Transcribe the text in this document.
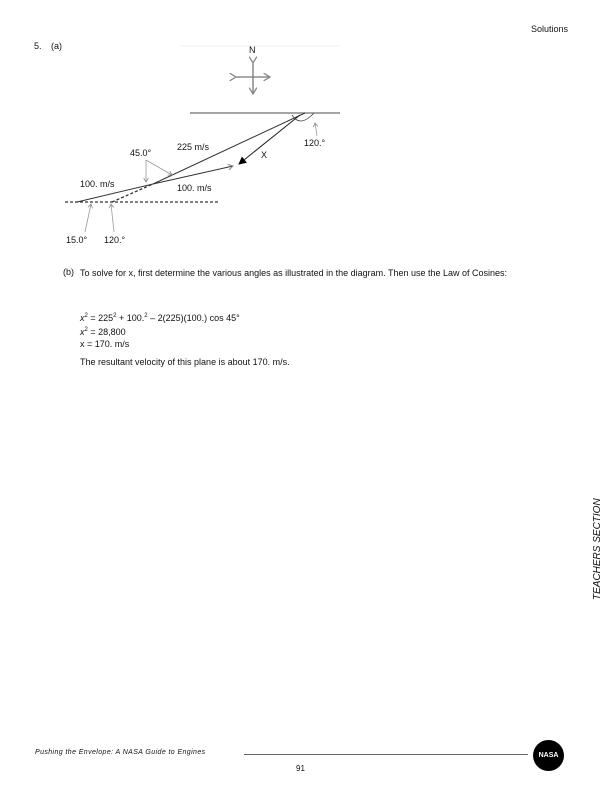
Solutions
5. (a)	N
225 m/s
45.0°
120.°
X
100. m/s	100. m/s
15.0° 120.°
(b) To solve for x, first determine the various angles as illustrated in the diagram. Then use the Law of Cosines:

$x^2 = 225^2 + 100.^2 - 2(225)(100.)$ cos 45°

$x^2 = 28,800$

x = 170. m/s

The resultant velocity of this plane is about 170. m/s.
TEACHERS SECTION
Pushing the Envelope: A NASA Guide to Engines
91
NASA
